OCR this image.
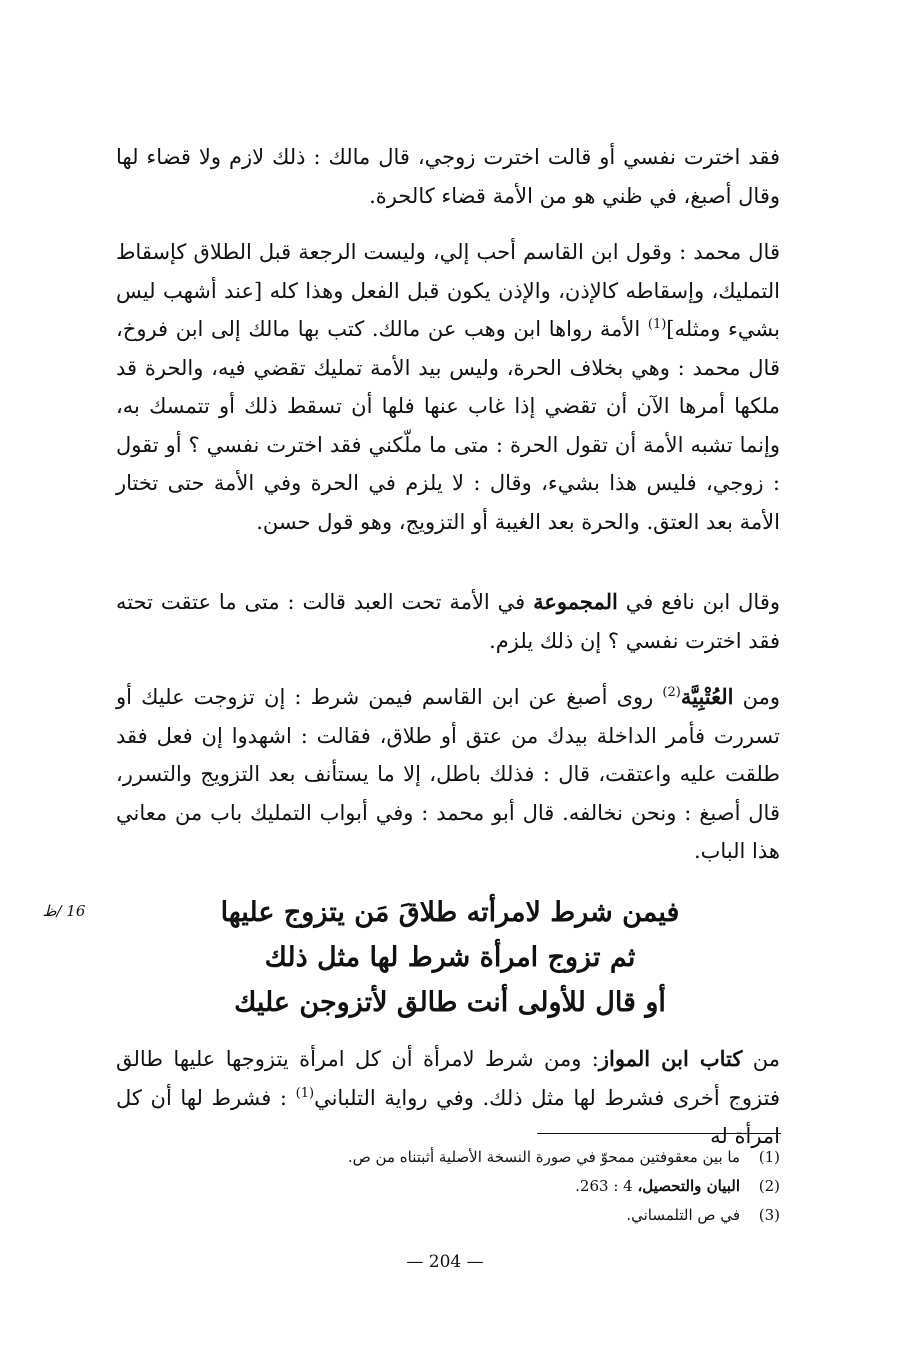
فقد اخترت نفسي أو قالت اخترت زوجي، قال مالك : ذلك لازم ولا قضاء لها وقال أصبغ، في ظني هو من الأمة قضاء كالحرة.

قال محمد : وقول ابن القاسم أحب إلي، وليست الرجعة قبل الطلاق كإسقاط التمليك، وإسقاطه كالإذن، والإذن يكون قبل الفعل وهذا كله [عند أشهب ليس بشيء ومثله]$^{(1)}$ الأمة رواها ابن وهب عن مالك. كتب بها مالك إلى ابن فروخ، قال محمد : وهي بخلاف الحرة، وليس بيد الأمة تمليك تقضي فيه، والحرة قد ملكها أمرها الآن أن تقضي إذا غاب عنها فلها أن تسقط ذلك أو تتمسك به، وإنما تشبه الأمة أن تقول الحرة : متى ما ملّكني فقد اخترت نفسي ؟ أو تقول : زوجي، فليس هذا بشيء، وقال : لا يلزم في الحرة وفي الأمة حتى تختار الأمة بعد العتق. والحرة بعد الغيبة أو التزويج، وهو قول حسن.

وقال ابن نافع في المجموعة في الأمة تحت العبد قالت : متى ما عتقت تحته فقد اخترت نفسي ؟ إن ذلك يلزم.

ومن العُتْبِيَّة$^{(2)}$ روى أصبغ عن ابن القاسم فيمن شرط : إن تزوجت عليك أو تسررت فأمر الداخلة بيدك من عتق أو طلاق، فقالت : اشهدوا إن فعل فقد طلقت عليه واعتقت، قال : فذلك باطل، إلا ما يستأنف بعد التزويج والتسرر، قال أصبغ : ونحن نخالفه. قال أبو محمد : وفي أبواب التمليك باب من معاني هذا الباب.

16 /ظ	فيمن شرط لامرأته طلاقَ مَن يتزوج عليها
ثم تزوج امرأة شرط لها مثل ذلك
أو قال للأولى أنت طالق لأتزوجن عليك

من كتاب ابن المواز: ومن شرط لامرأة أن كل امرأة يتزوجها عليها طالق فتزوج أخرى فشرط لها مثل ذلك. وفي رواية التلباني$^{(1)}$ : فشرط لها أن كل امرأة له

(1)
ما بين معقوفتين ممحوّ في صورة النسخة الأصلية أثبتناه من ص.
(2)
البيان والتحصيل، 4 : 263.
(3)
في ص التلمساني.
— 204 —
